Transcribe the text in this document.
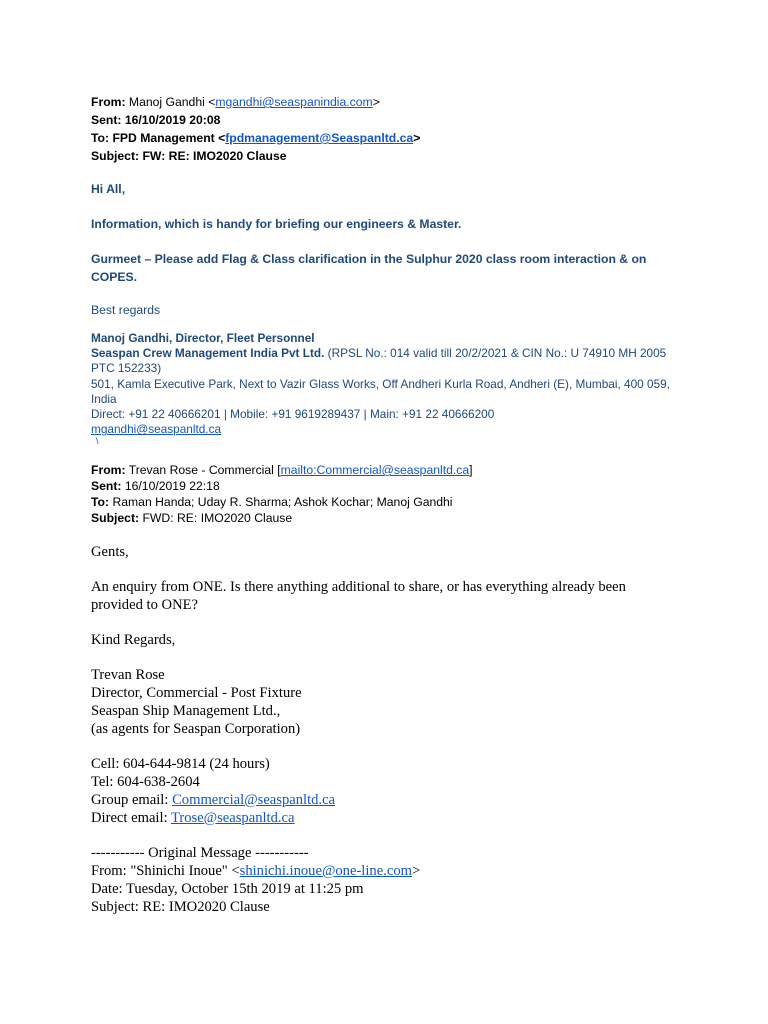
From: Manoj Gandhi <mgandhi@seaspanindia.com>
Sent: 16/10/2019 20:08
To: FPD Management <fpdmanagement@Seaspanltd.ca>
Subject: FW: RE: IMO2020 Clause
Hi All,
Information, which is handy for briefing our engineers & Master.
Gurmeet – Please add Flag & Class clarification in the Sulphur 2020 class room interaction & on COPES.
Best regards
Manoj Gandhi, Director, Fleet Personnel
Seaspan Crew Management India Pvt Ltd. (RPSL No.: 014 valid till 20/2/2021 & CIN No.: U 74910 MH 2005 PTC 152233)
501, Kamla Executive Park, Next to Vazir Glass Works, Off Andheri Kurla Road, Andheri (E), Mumbai, 400 059, India
Direct: +91 22 40666201 | Mobile: +91 9619289437 | Main: +91 22 40666200
mgandhi@seaspanltd.ca
\
From: Trevan Rose - Commercial [mailto:Commercial@seaspanltd.ca]
Sent: 16/10/2019 22:18
To: Raman Handa; Uday R. Sharma; Ashok Kochar; Manoj Gandhi
Subject: FWD: RE: IMO2020 Clause
Gents,
An enquiry from ONE. Is there anything additional to share, or has everything already been provided to ONE?
Kind Regards,
Trevan Rose
Director, Commercial - Post Fixture
Seaspan Ship Management Ltd.,
(as agents for Seaspan Corporation)
Cell: 604-644-9814 (24 hours)
Tel: 604-638-2604
Group email: Commercial@seaspanltd.ca
Direct email: Trose@seaspanltd.ca
----------- Original Message -----------
From: "Shinichi Inoue" <shinichi.inoue@one-line.com>
Date: Tuesday, October 15th 2019 at 11:25 pm
Subject: RE: IMO2020 Clause
